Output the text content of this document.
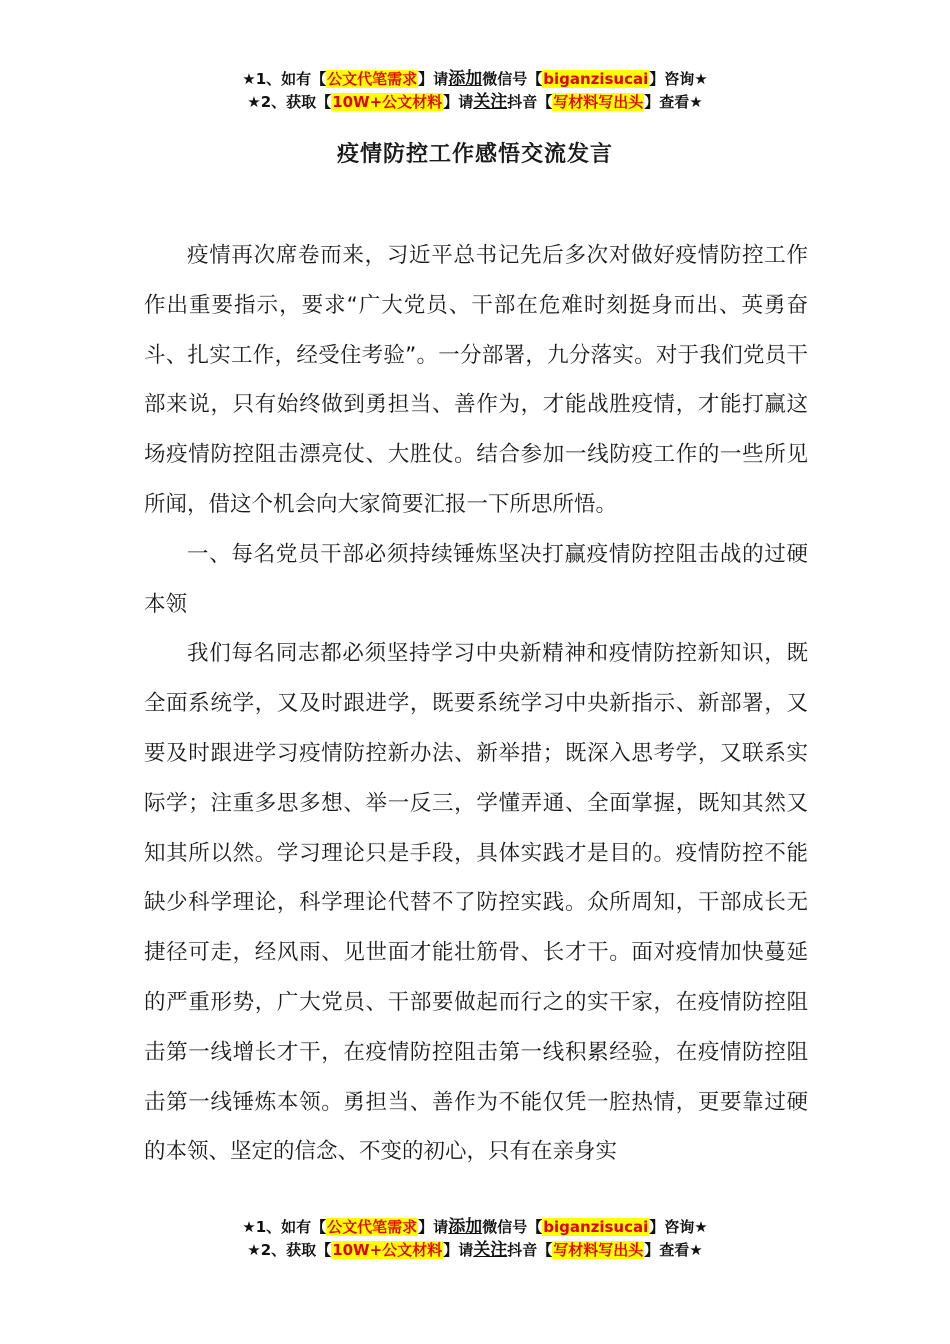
★1、如有【公文代笔需求】请添加微信号【biganzisucai】咨询★
★2、获取【10W+公文材料】请关注抖音【写材料写出头】查看★
疫情防控工作感悟交流发言

疫情再次席卷而来，习近平总书记先后多次对做好疫情防控工作作出重要指示，要求“广大党员、干部在危难时刻挺身而出、英勇奋斗、扎实工作，经受住考验”。一分部署，九分落实。对于我们党员干部来说，只有始终做到勇担当、善作为，才能战胜疫情，才能打赢这场疫情防控阻击漂亮仗、大胜仗。结合参加一线防疫工作的一些所见所闻，借这个机会向大家简要汇报一下所思所悟。

一、每名党员干部必须持续锤炼坚决打赢疫情防控阻击战的过硬本领

我们每名同志都必须坚持学习中央新精神和疫情防控新知识，既全面系统学，又及时跟进学，既要系统学习中央新指示、新部署，又要及时跟进学习疫情防控新办法、新举措；既深入思考学，又联系实际学；注重多思多想、举一反三，学懂弄通、全面掌握，既知其然又知其所以然。学习理论只是手段，具体实践才是目的。疫情防控不能缺少科学理论，科学理论代替不了防控实践。众所周知，干部成长无捷径可走，经风雨、见世面才能壮筋骨、长才干。面对疫情加快蔓延的严重形势，广大党员、干部要做起而行之的实干家，在疫情防控阻击第一线增长才干，在疫情防控阻击第一线积累经验，在疫情防控阻击第一线锤炼本领。勇担当、善作为不能仅凭一腔热情，更要靠过硬的本领、坚定的信念、不变的初心，只有在亲身实

★1、如有【公文代笔需求】请添加微信号【biganzisucai】咨询★
★2、获取【10W+公文材料】请关注抖音【写材料写出头】查看★
